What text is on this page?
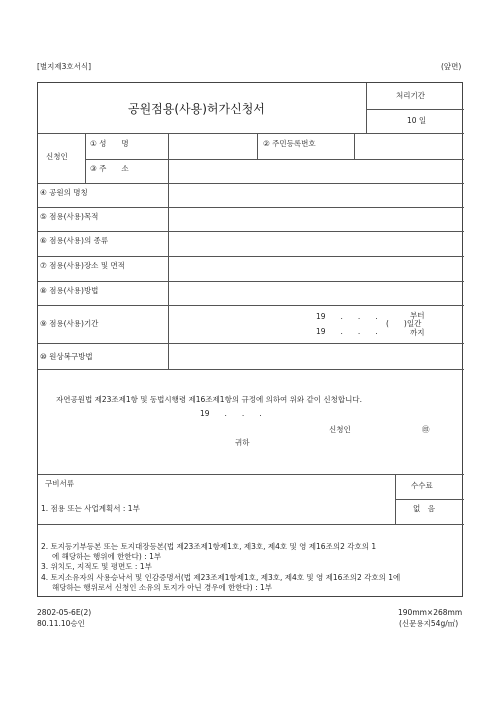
[별지제3호서식]	(앞면)
공원점용(사용)허가신청서
처리기간
10 일
신청인
① 성　　명	② 주민등록번호
③ 주　　소
④ 공원의 명칭
⑤ 점용(사용)목적
⑥ 점용(사용)의 종류
⑦ 점용(사용)장소 및 면적
⑧ 점용(사용)방법
⑨ 점용(사용)기간
19　　.　　.　　.	부터
(　　)일간
19　　.　　.　　.	까지
⑩ 원상복구방법
자연공원법 제23조제1항 및 동법시행령 제16조제1항의 규정에 의하여 위와 같이 신청합니다.
19　　.　　.　　.
신청인	㊞
귀하
구비서류	수수료
1. 점용 또는 사업계획서 : 1부	없　음
2. 토지등기부등본 또는 토지대장등본(법 제23조제1항제1호, 제3호, 제4호 및 영 제16조의2 각호의 1
에 해당하는 행위에 한한다) : 1부
3. 위치도, 지적도 및 평면도 : 1부
4. 토지소유자의 사용승낙서 및 인감증명서(법 제23조제1항제1호, 제3호, 제4호 및 영 제16조의2 각호의 1에
해당하는 행위로서 신청인 소유의 토지가 아닌 경우에 한한다) : 1부
2802-05-6E(2)
80.11.10승인
190mm×268mm
(신문용지54g/㎡)
